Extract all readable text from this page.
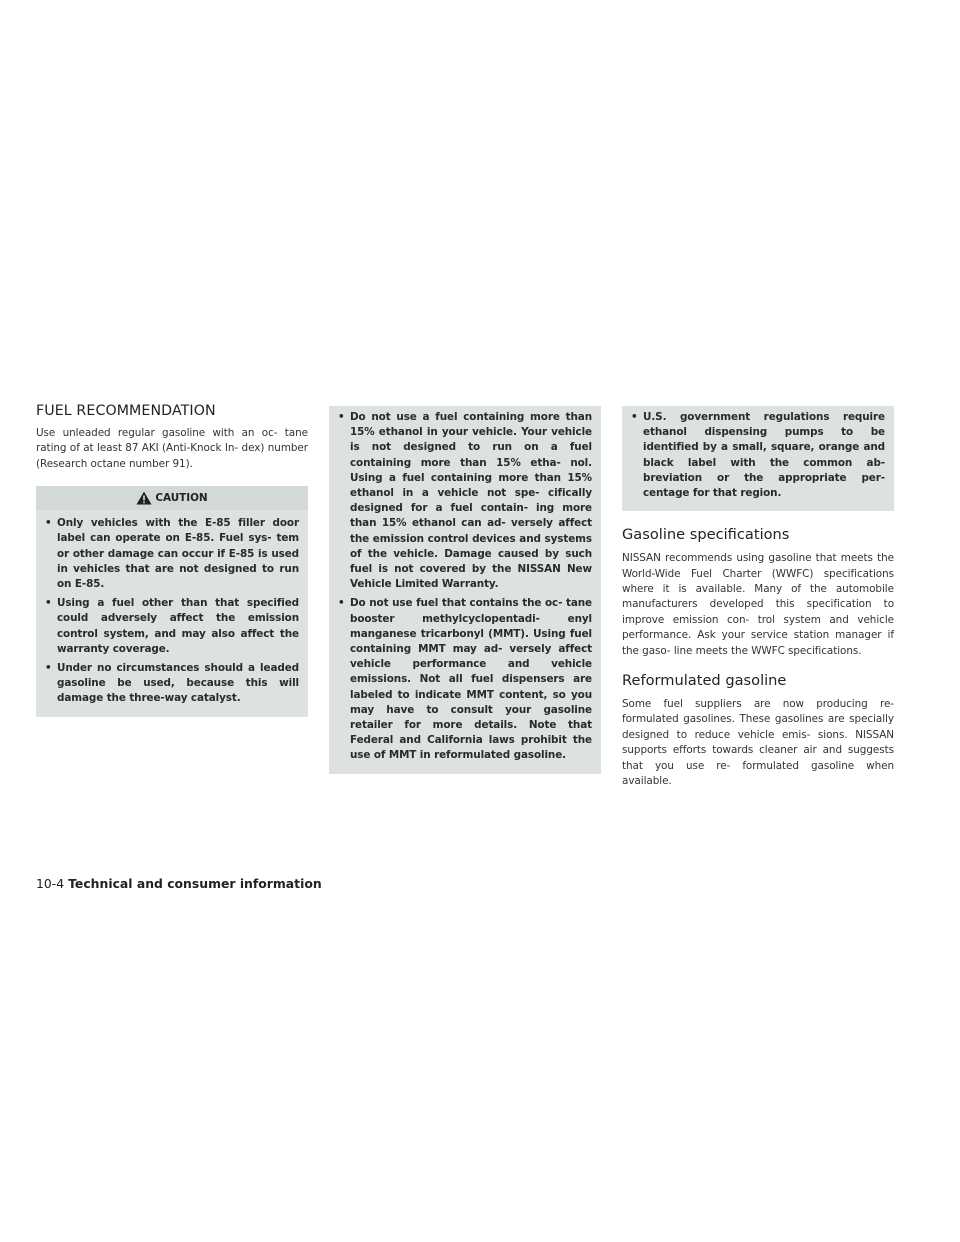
FUEL RECOMMENDATION

Use unleaded regular gasoline with an oc- tane rating of at least 87 AKI (Anti-Knock In- dex) number (Research octane number 91).

CAUTION
• Only vehicles with the E-85 filler door label can operate on E-85. Fuel sys- tem or other damage can occur if E-85 is used in vehicles that are not designed to run on E-85.
• Using a fuel other than that specified could adversely affect the emission control system, and may also affect the warranty coverage.
• Under no circumstances should a leaded gasoline be used, because this will damage the three-way catalyst.
• Do not use a fuel containing more than 15% ethanol in your vehicle. Your vehicle is not designed to run on a fuel containing more than 15% etha- nol. Using a fuel containing more than 15% ethanol in a vehicle not spe- cifically designed for a fuel contain- ing more than 15% ethanol can ad- versely affect the emission control devices and systems of the vehicle. Damage caused by such fuel is not covered by the NISSAN New Vehicle Limited Warranty.
• Do not use fuel that contains the oc- tane booster methylcyclopentadi- enyl manganese tricarbonyl (MMT). Using fuel containing MMT may ad- versely affect vehicle performance and vehicle emissions. Not all fuel dispensers are labeled to indicate MMT content, so you may have to consult your gasoline retailer for more details. Note that Federal and California laws prohibit the use of MMT in reformulated gasoline.
• U.S. government regulations require ethanol dispensing pumps to be identified by a small, square, orange and black label with the common ab- breviation or the appropriate per- centage for that region.
Gasoline specifications

NISSAN recommends using gasoline that meets the World-Wide Fuel Charter (WWFC) specifications where it is available. Many of the automobile manufacturers developed this specification to improve emission con- trol system and vehicle performance. Ask your service station manager if the gaso- line meets the WWFC specifications.

Reformulated gasoline

Some fuel suppliers are now producing re- formulated gasolines. These gasolines are specially designed to reduce vehicle emis- sions. NISSAN supports efforts towards cleaner air and suggests that you use re- formulated gasoline when available.

10-4 Technical and consumer information
